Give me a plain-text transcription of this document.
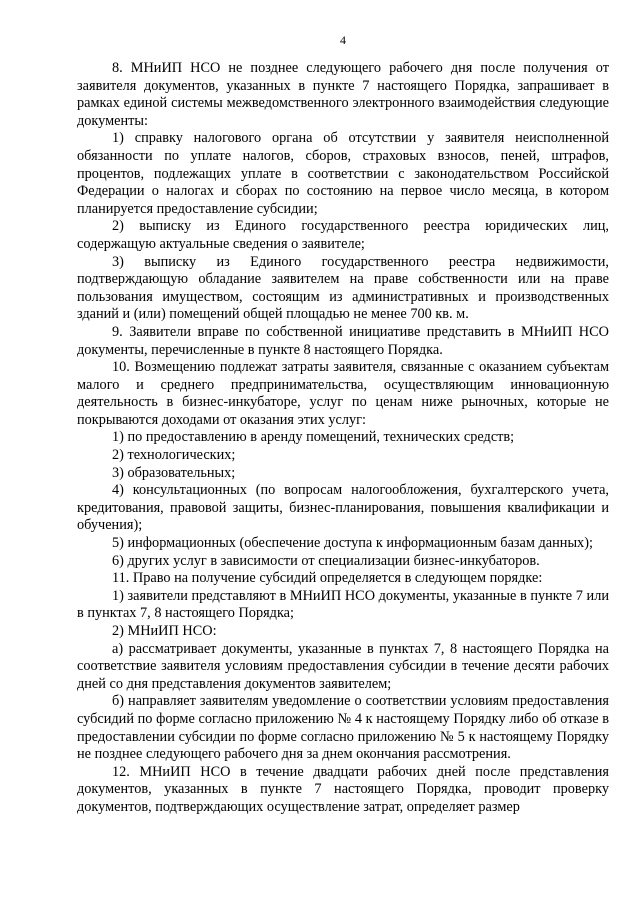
4

8. МНиИП НСО не позднее следующего рабочего дня после получения от заявителя документов, указанных в пункте 7 настоящего Порядка, запрашивает в рамках единой системы межведомственного электронного взаимодействия следующие документы:

1) справку налогового органа об отсутствии у заявителя неисполненной обязанности по уплате налогов, сборов, страховых взносов, пеней, штрафов, процентов, подлежащих уплате в соответствии с законодательством Российской Федерации о налогах и сборах по состоянию на первое число месяца, в котором планируется предоставление субсидии;

2) выписку из Единого государственного реестра юридических лиц, содержащую актуальные сведения о заявителе;

3) выписку из Единого государственного реестра недвижимости, подтверждающую обладание заявителем на праве собственности или на праве пользования имуществом, состоящим из административных и производственных зданий и (или) помещений общей площадью не менее 700 кв. м.

9. Заявители вправе по собственной инициативе представить в МНиИП НСО документы, перечисленные в пункте 8 настоящего Порядка.

10. Возмещению подлежат затраты заявителя, связанные с оказанием субъектам малого и среднего предпринимательства, осуществляющим инновационную деятельность в бизнес-инкубаторе, услуг по ценам ниже рыночных, которые не покрываются доходами от оказания этих услуг:

1) по предоставлению в аренду помещений, технических средств;

2) технологических;

3) образовательных;

4) консультационных (по вопросам налогообложения, бухгалтерского учета, кредитования, правовой защиты, бизнес-планирования, повышения квалификации и обучения);

5) информационных (обеспечение доступа к информационным базам данных);

6) других услуг в зависимости от специализации бизнес-инкубаторов.

11. Право на получение субсидий определяется в следующем порядке:

1) заявители представляют в МНиИП НСО документы, указанные в пункте 7 или в пунктах 7, 8 настоящего Порядка;

2) МНиИП НСО:

а) рассматривает документы, указанные в пунктах 7, 8 настоящего Порядка на соответствие заявителя условиям предоставления субсидии в течение десяти рабочих дней со дня представления документов заявителем;

б) направляет заявителям уведомление о соответствии условиям предоставления субсидий по форме согласно приложению № 4 к настоящему Порядку либо об отказе в предоставлении субсидии по форме согласно приложению № 5 к настоящему Порядку не позднее следующего рабочего дня за днем окончания рассмотрения.

12. МНиИП НСО в течение двадцати рабочих дней после представления документов, указанных в пункте 7 настоящего Порядка, проводит проверку документов, подтверждающих осуществление затрат, определяет размер
